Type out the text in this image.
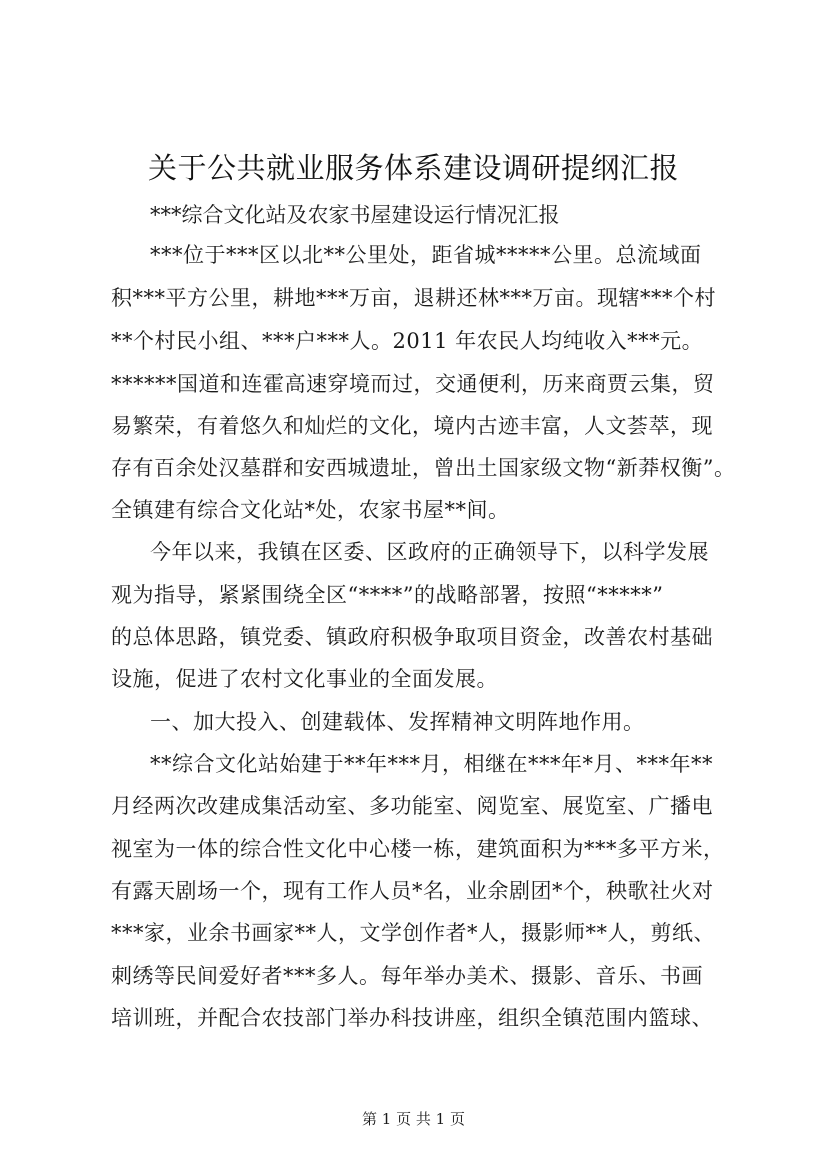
关于公共就业服务体系建设调研提纲汇报
***综合文化站及农家书屋建设运行情况汇报
***位于***区以北**公里处，距省城*****公里。总流域面
积***平方公里，耕地***万亩，退耕还林***万亩。现辖***个村
**个村民小组、***户***人。2011 年农民人均纯收入***元。
******国道和连霍高速穿境而过，交通便利，历来商贾云集，贸
易繁荣，有着悠久和灿烂的文化，境内古迹丰富，人文荟萃，现
存有百余处汉墓群和安西城遗址，曾出土国家级文物“新莽权衡”。
全镇建有综合文化站*处，农家书屋**间。
今年以来，我镇在区委、区政府的正确领导下，以科学发展
观为指导，紧紧围绕全区“****”的战略部署，按照“*****”
的总体思路，镇党委、镇政府积极争取项目资金，改善农村基础
设施，促进了农村文化事业的全面发展。
一、加大投入、创建载体、发挥精神文明阵地作用。
**综合文化站始建于**年***月，相继在***年*月、***年**
月经两次改建成集活动室、多功能室、阅览室、展览室、广播电
视室为一体的综合性文化中心楼一栋，建筑面积为***多平方米，
有露天剧场一个，现有工作人员*名，业余剧团*个，秧歌社火对
***家，业余书画家**人，文学创作者*人，摄影师**人，剪纸、
刺绣等民间爱好者***多人。每年举办美术、摄影、音乐、书画
培训班，并配合农技部门举办科技讲座，组织全镇范围内篮球、
第 1 页 共 1 页
